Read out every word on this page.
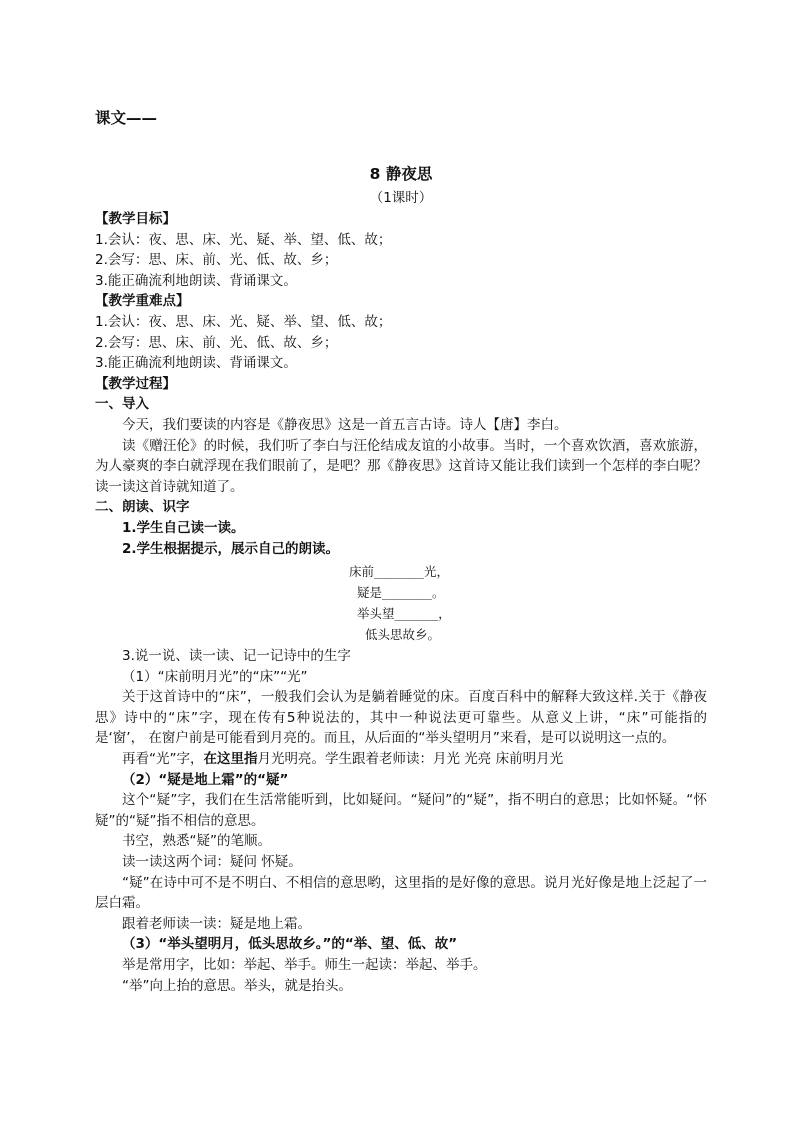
课文——
8 静夜思
（1课时）
【教学目标】
1.会认：夜、思、床、光、疑、举、望、低、故；
2.会写：思、床、前、光、低、故、乡；
3.能正确流利地朗读、背诵课文。
【教学重难点】
1.会认：夜、思、床、光、疑、举、望、低、故；
2.会写：思、床、前、光、低、故、乡；
3.能正确流利地朗读、背诵课文。
【教学过程】
一、导入
今天，我们要读的内容是《静夜思》这是一首五言古诗。诗人【唐】李白。
读《赠汪伦》的时候，我们听了李白与汪伦结成友谊的小故事。当时，一个喜欢饮酒，喜欢旅游，为人豪爽的李白就浮现在我们眼前了，是吧？那《静夜思》这首诗又能让我们读到一个怎样的李白呢？读一读这首诗就知道了。
二、朗读、识字
1.学生自己读一读。
2.学生根据提示，展示自己的朗读。
床前________光，
疑是________。
举头望_______，
低头思故乡。
3.说一说、读一读、记一记诗中的生字
（1）“床前明月光”的“床”“光”
关于这首诗中的“床”，一般我们会认为是躺着睡觉的床。百度百科中的解释大致这样.关于《静夜思》诗中的“床”字，现在传有5种说法的，其中一种说法更可靠些。从意义上讲，“床”可能指的是‘窗’， 在窗户前是可能看到月亮的。而且，从后面的“举头望明月”来看，是可以说明这一点的。
再看“光”字，在这里指月光明亮。学生跟着老师读：月光 光亮 床前明月光
（2）“疑是地上霜”的“疑”
这个“疑”字，我们在生活常能听到，比如疑问。“疑问”的“疑”，指不明白的意思；比如怀疑。“怀疑”的“疑”指不相信的意思。
书空，熟悉“疑”的笔顺。
读一读这两个词：疑问 怀疑。
“疑”在诗中可不是不明白、不相信的意思哟，这里指的是好像的意思。说月光好像是地上泛起了一层白霜。
跟着老师读一读：疑是地上霜。
（3）“举头望明月，低头思故乡。”的“举、望、低、故”
举是常用字，比如：举起、举手。师生一起读：举起、举手。
“举”向上抬的意思。举头，就是抬头。
